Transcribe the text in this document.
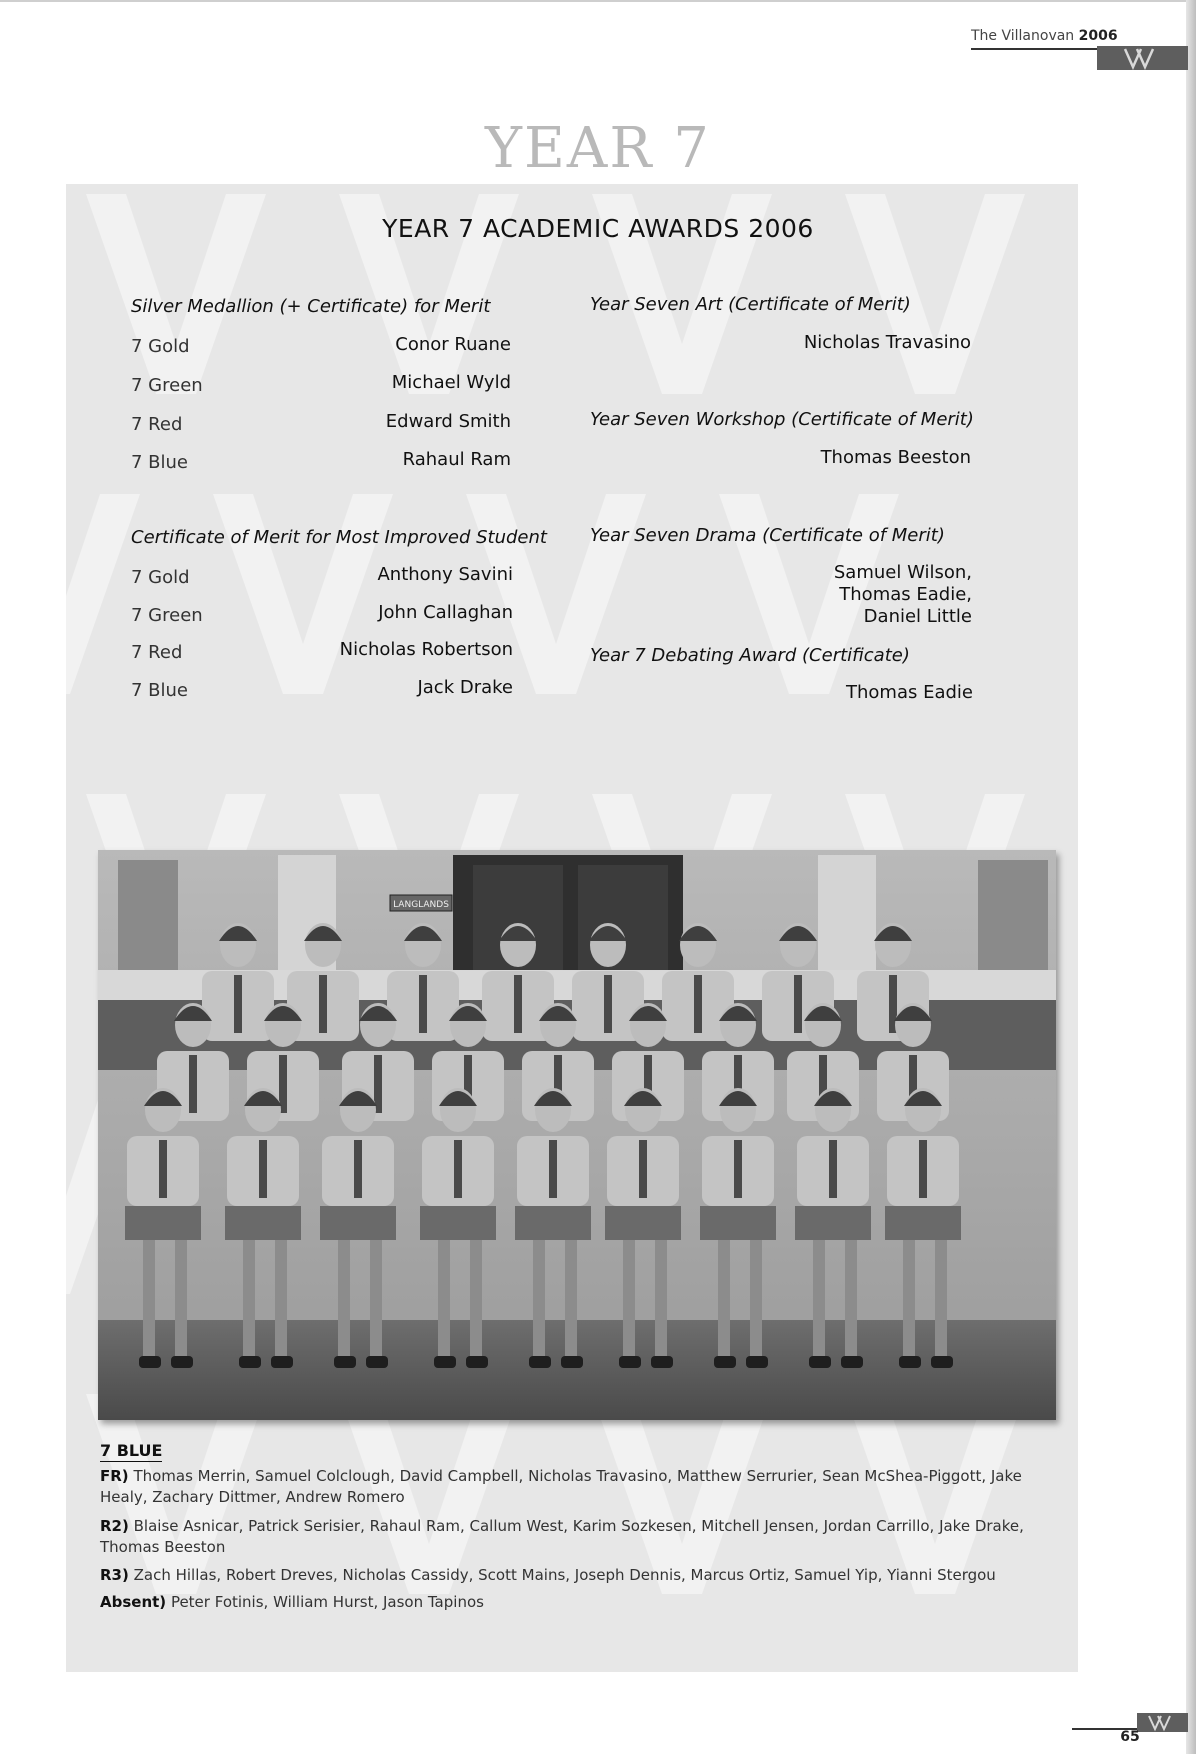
The Villanovan 2006
YEAR 7
YEAR 7 ACADEMIC AWARDS 2006
Silver Medallion (+ Certificate) for Merit
7 Gold	Conor Ruane
7 Green	Michael Wyld
7 Red	Edward Smith
7 Blue	Rahaul Ram
Certificate of Merit for Most Improved Student
7 Gold	Anthony Savini
7 Green	John Callaghan
7 Red	Nicholas Robertson
7 Blue	Jack Drake
Year Seven Art (Certificate of Merit)
Nicholas Travasino
Year Seven Workshop (Certificate of Merit)
Thomas Beeston
Year Seven Drama (Certificate of Merit)
Samuel Wilson,
Thomas Eadie,
Daniel Little
Year 7 Debating Award (Certificate)
Thomas Eadie
LANGLANDS
7 BLUE
FR) Thomas Merrin, Samuel Colclough, David Campbell, Nicholas Travasino, Matthew Serrurier, Sean McShea-Piggott, Jake Healy, Zachary Dittmer, Andrew Romero
R2) Blaise Asnicar, Patrick Serisier, Rahaul Ram, Callum West, Karim Sozkesen, Mitchell Jensen, Jordan Carrillo, Jake Drake, Thomas Beeston
R3) Zach Hillas, Robert Dreves, Nicholas Cassidy, Scott Mains, Joseph Dennis, Marcus Ortiz, Samuel Yip, Yianni Stergou
Absent) Peter Fotinis, William Hurst, Jason Tapinos
65
